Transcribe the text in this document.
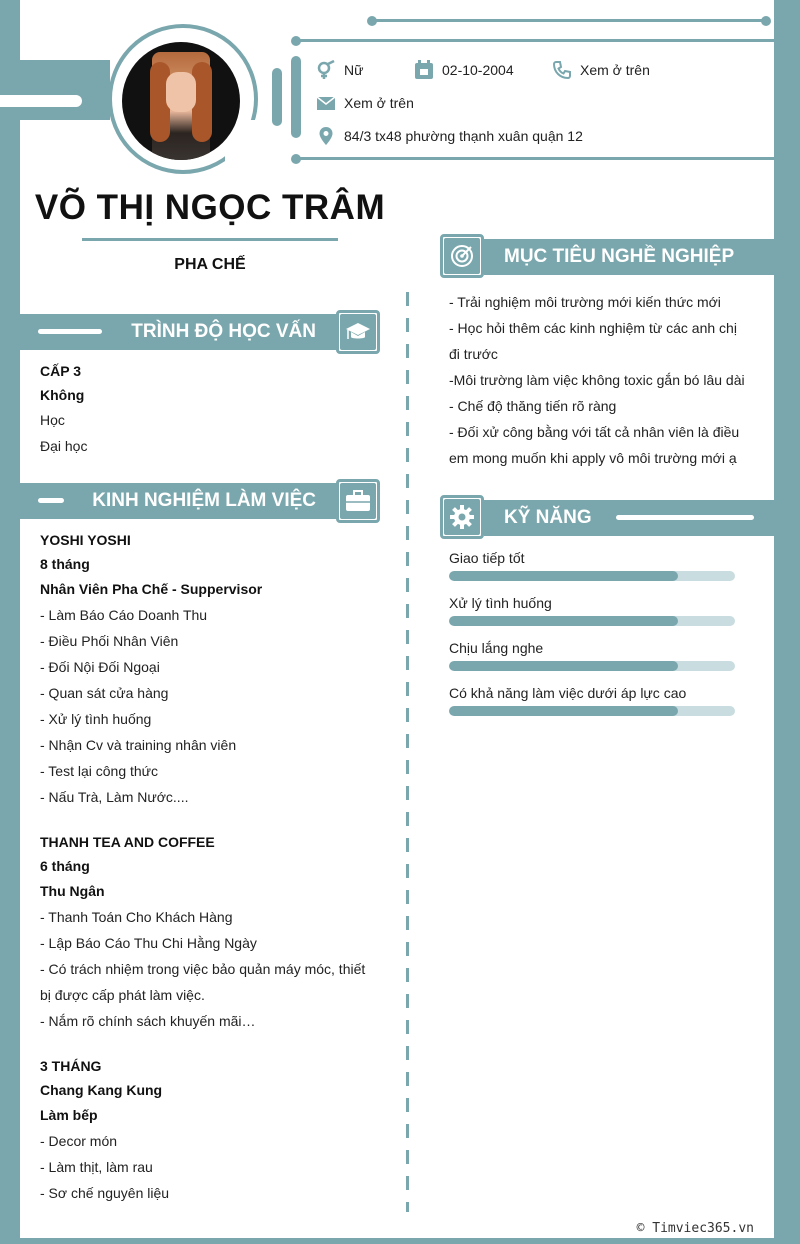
Nữ	02-10-2004	Xem ở trên
Xem ở trên
84/3 tx48 phường thạnh xuân quận 12
VÕ THỊ NGỌC TRÂM
PHA CHẾ
TRÌNH ĐỘ HỌC VẤN
CẤP 3
Không
Học
Đại học
KINH NGHIỆM LÀM VIỆC
YOSHI YOSHI
8 tháng
Nhân Viên Pha Chế - Suppervisor
- Làm Báo Cáo Doanh Thu
- Điều Phối Nhân Viên
- Đối Nội Đối Ngoại
- Quan sát cửa hàng
- Xử lý tình huống
- Nhận Cv và training nhân viên
- Test lại công thức
- Nấu Trà, Làm Nước....
THANH TEA AND COFFEE
6 tháng
Thu Ngân
- Thanh Toán Cho Khách Hàng
- Lập Báo Cáo Thu Chi Hằng Ngày
- Có trách nhiệm trong việc bảo quản máy móc, thiết
bị được cấp phát làm việc.
- Nắm rõ chính sách khuyến mãi…
3 THÁNG
Chang Kang Kung
Làm bếp
- Decor món
- Làm thịt, làm rau
- Sơ chế nguyên liệu
MỤC TIÊU NGHỀ NGHIỆP
- Trải nghiệm môi trường mới kiến thức mới
- Học hỏi thêm các kinh nghiệm từ các anh chị
đi trước
-Môi trường làm việc không toxic gắn bó lâu dài
- Chế độ thăng tiến rõ ràng
- Đối xử công bằng với tất cả nhân viên là điều
em mong muốn khi apply vô môi trường mới ạ
KỸ NĂNG
Giao tiếp tốt
Xử lý tình huống
Chịu lắng nghe
Có khả năng làm việc dưới áp lực cao
© Timviec365.vn
